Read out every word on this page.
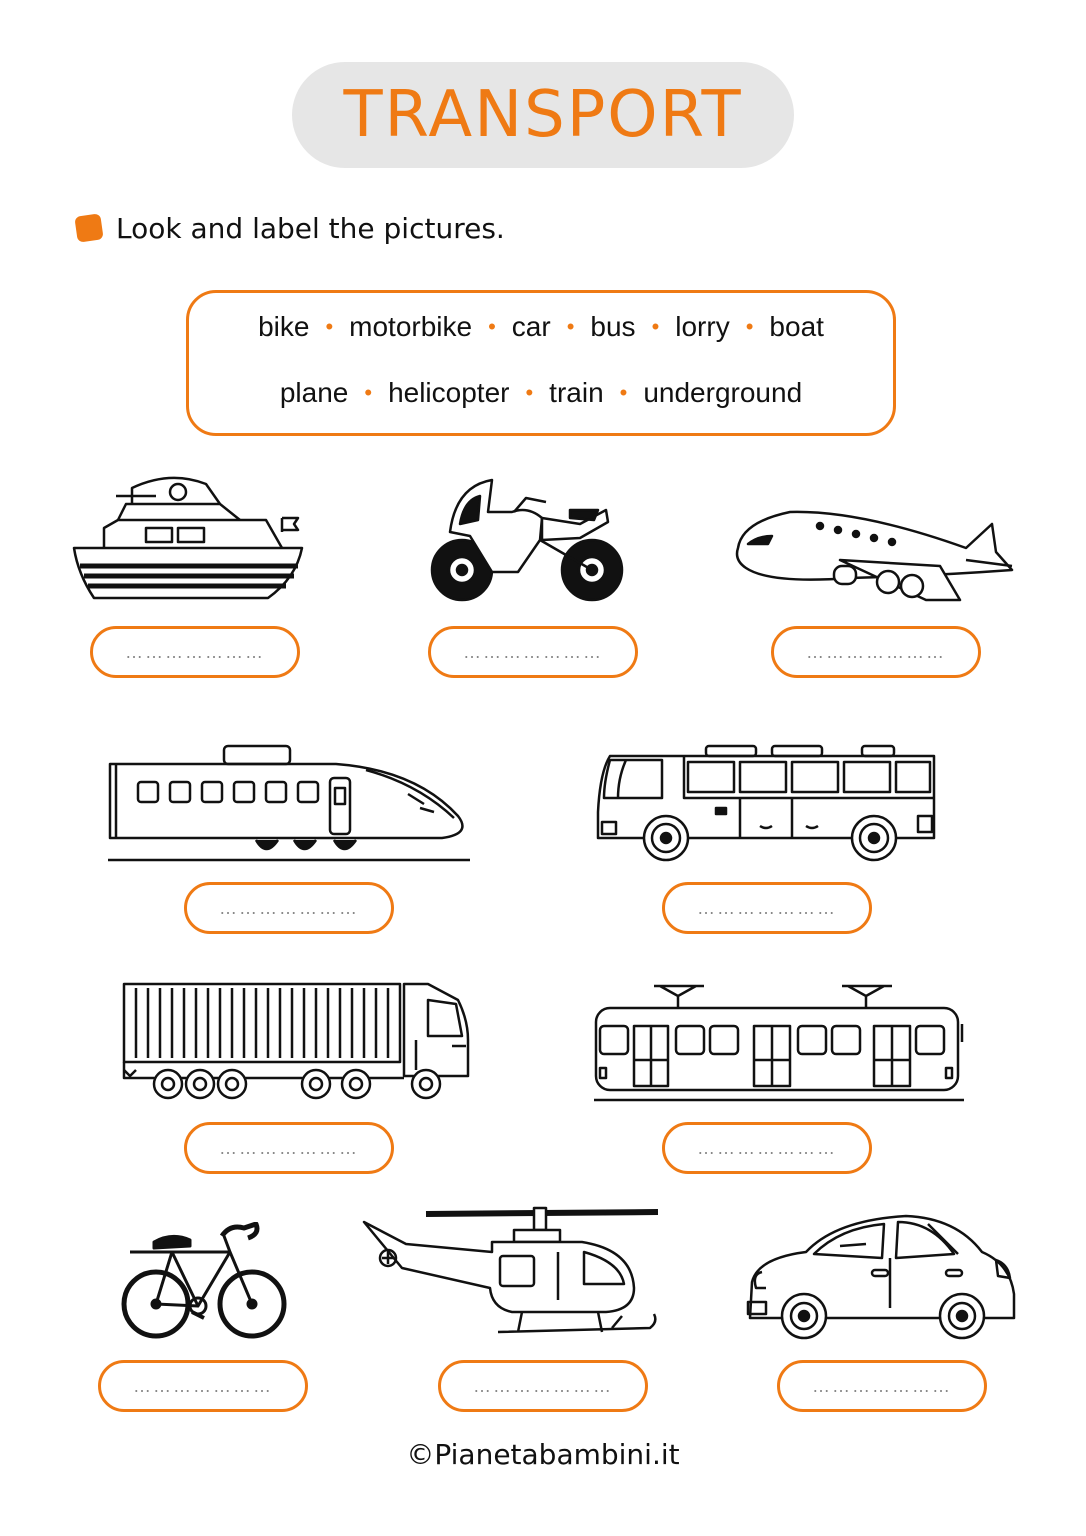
TRANSPORT
Look and label the pictures.
bike • motorbike • car • bus • lorry • boat
plane • helicopter • train • underground
…………………	…………………	…………………
…………………	…………………
…………………	…………………
…………………	…………………	…………………
©Pianetabambini.it
